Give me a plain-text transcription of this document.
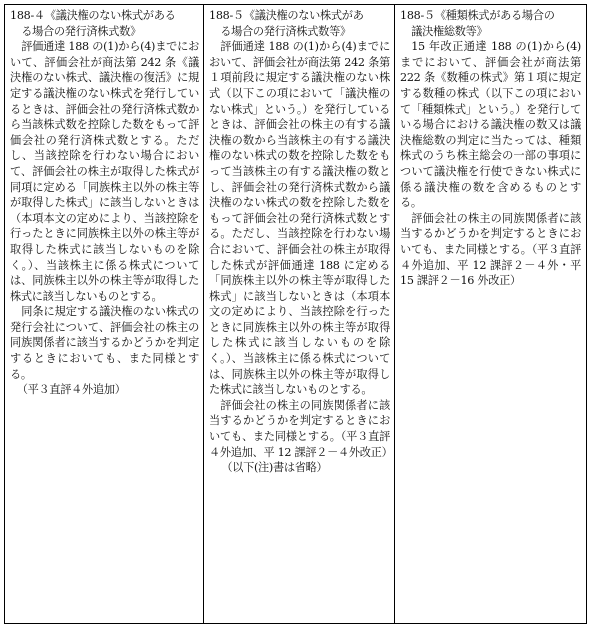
188-４《議決権のない株式がある
る場合の発行済株式数》

評価通達 188 の(1)から(4)までにおいて、評価会社が商法第 242 条《議決権のない株式、議決権の復活》に規定する議決権のない株式を発行しているときは、評価会社の発行済株式数から当該株式数を控除した数をもって評価会社の発行済株式数とする。ただし、当該控除を行わない場合において、評価会社の株主が取得した株式が同項に定める「同族株主以外の株主等が取得した株式」に該当しないときは（本項本文の定めにより、当該控除を行ったときに同族株主以外の株主等が取得した株式に該当しないものを除く。）、当該株主に係る株式については、同族株主以外の株主等が取得した株式に該当しないものとする。

同条に規定する議決権のない株式の発行会社について、評価会社の株主の同族関係者に該当するかどうかを判定するときにおいても、また同様とする。

（平３直評４外追加）

188-５《議決権のない株式があ
る場合の発行済株式数等》

評価通達 188 の(1)から(4)までにおいて、評価会社が商法第 242 条第１項前段に規定する議決権のない株式（以下この項において「議決権のない株式」という。）を発行しているときは、評価会社の株主の有する議決権の数から当該株主の有する議決権のない株式の数を控除した数をもって当該株主の有する議決権の数とし、評価会社の発行済株式数から議決権のない株式の数を控除した数をもって評価会社の発行済株式数とする。ただし、当該控除を行わない場合において、評価会社の株主が取得した株式が評価通達 188 に定める「同族株主以外の株主等が取得した株式」に該当しないときは（本項本文の定めにより、当該控除を行ったときに同族株主以外の株主等が取得した株式に該当しないものを除く。）、当該株主に係る株式については、同族株主以外の株主等が取得した株式に該当しないものとする。

評価会社の株主の同族関係者に該当するかどうかを判定するときにおいても、また同様とする。（平３直評４外追加、平 12 課評２－４外改正）

（以下(注)書は省略）

188-５《種類株式がある場合の
議決権総数等》

15 年改正通達 188 の(1)から(4)までにおいて、評価会社が商法第 222 条《数種の株式》第１項に規定する数種の株式（以下この項において「種類株式」という。）を発行している場合における議決権の数又は議決権総数の判定に当たっては、種類株式のうち株主総会の一部の事項について議決権を行使できない株式に係る議決権の数を含めるものとする。

評価会社の株主の同族関係者に該当するかどうかを判定するときにおいても、また同様とする。（平３直評４外追加、平 12 課評２－４外・平 15 課評２－16 外改正）
